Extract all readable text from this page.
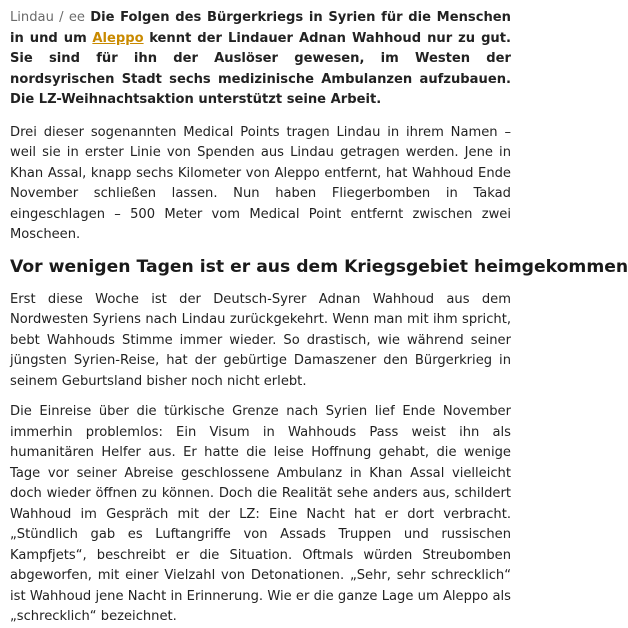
Lindau / ee Die Folgen des Bürgerkriegs in Syrien für die Menschen in und um Aleppo kennt der Lindauer Adnan Wahhoud nur zu gut. Sie sind für ihn der Auslöser gewesen, im Westen der nordsyrischen Stadt sechs medizinische Ambulanzen aufzubauen. Die LZ-Weihnachtsaktion unterstützt seine Arbeit.

Drei dieser sogenannten Medical Points tragen Lindau in ihrem Namen – weil sie in erster Linie von Spenden aus Lindau getragen werden. Jene in Khan Assal, knapp sechs Kilometer von Aleppo entfernt, hat Wahhoud Ende November schließen lassen. Nun haben Fliegerbomben in Takad eingeschlagen – 500 Meter vom Medical Point entfernt zwischen zwei Moscheen.

Vor wenigen Tagen ist er aus dem Kriegsgebiet heimgekommen

Erst diese Woche ist der Deutsch-Syrer Adnan Wahhoud aus dem Nordwesten Syriens nach Lindau zurückgekehrt. Wenn man mit ihm spricht, bebt Wahhouds Stimme immer wieder. So drastisch, wie während seiner jüngsten Syrien-Reise, hat der gebürtige Damaszener den Bürgerkrieg in seinem Geburtsland bisher noch nicht erlebt.

Die Einreise über die türkische Grenze nach Syrien lief Ende November immerhin problemlos: Ein Visum in Wahhouds Pass weist ihn als humanitären Helfer aus. Er hatte die leise Hoffnung gehabt, die wenige Tage vor seiner Abreise geschlossene Ambulanz in Khan Assal vielleicht doch wieder öffnen zu können. Doch die Realität sehe anders aus, schildert Wahhoud im Gespräch mit der LZ: Eine Nacht hat er dort verbracht. „Stündlich gab es Luftangriffe von Assads Truppen und russischen Kampfjets“, beschreibt er die Situation. Oftmals würden Streubomben abgeworfen, mit einer Vielzahl von Detonationen. „Sehr, sehr schrecklich“ ist Wahhoud jene Nacht in Erinnerung. Wie er die ganze Lage um Aleppo als „schrecklich“ bezeichnet.
